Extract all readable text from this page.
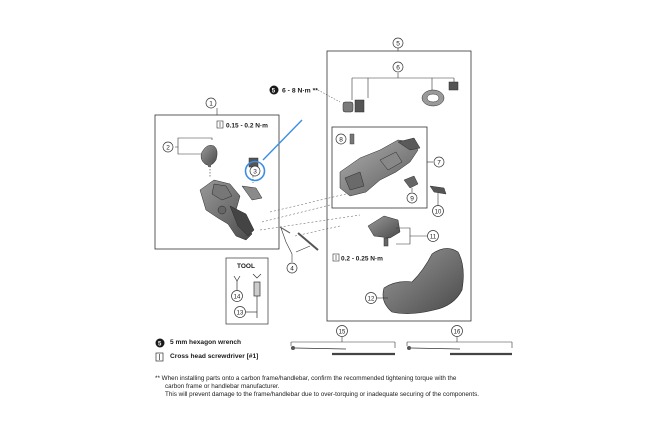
0.15 - 0.2 N·m
TOOL
5 6 - 8 N·m **
0.2 - 0.25 N·m
1
2
3
4
5
6
7
8
9
10
11
12
13
14
15	16
5 5 mm hexagon wrench
Cross head screwdriver [#1]
** When installing parts onto a carbon frame/handlebar, confirm the recommended tightening torque with the
carbon frame or handlebar manufacturer.
This will prevent damage to the frame/handlebar due to over-torquing or inadequate securing of the components.
